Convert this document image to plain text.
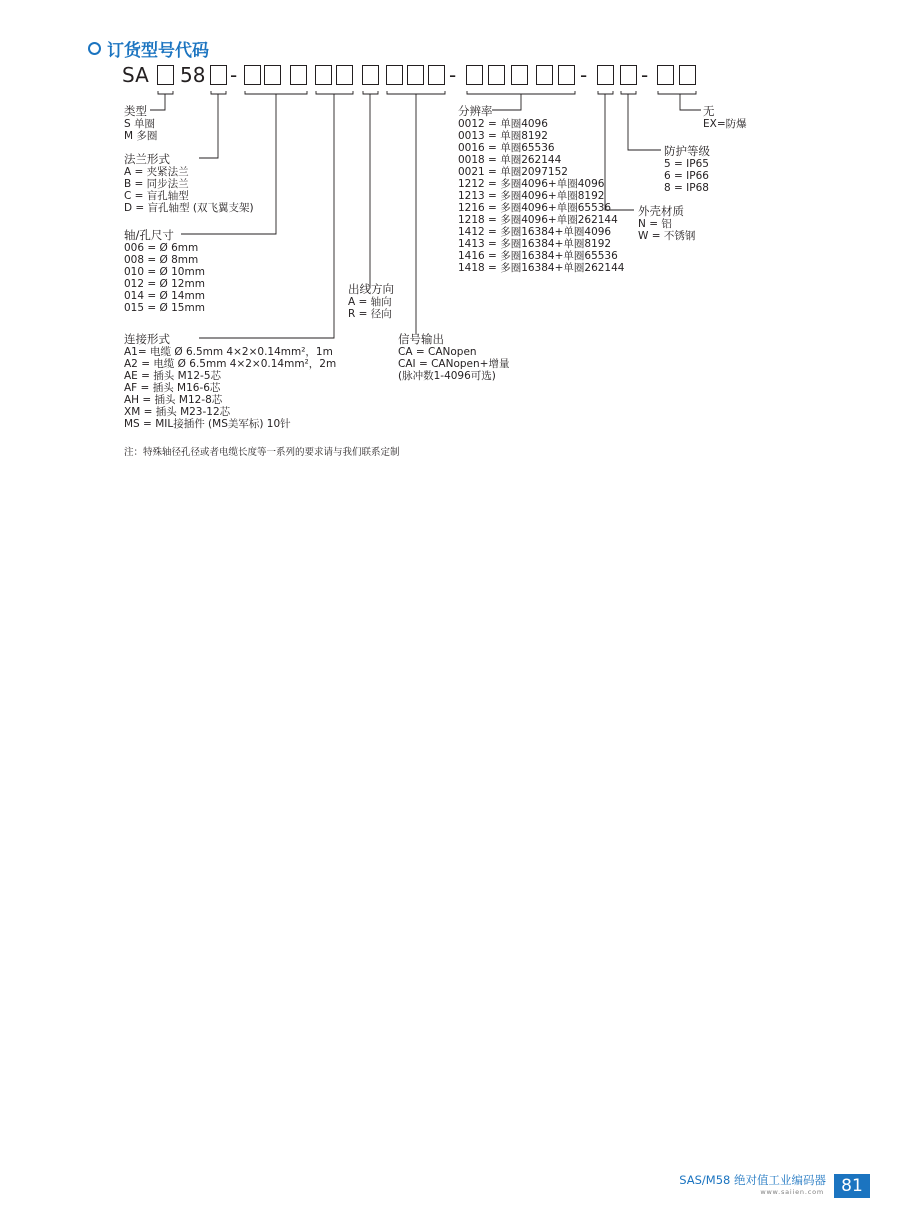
订货型号代码
SA 58 -	-	-	-
类型
S 单圈
M 多圈
法兰形式
A = 夹紧法兰
B = 同步法兰
C = 盲孔轴型
D = 盲孔轴型 (双飞翼支架)
轴/孔尺寸
006 = Ø 6mm
008 = Ø 8mm
010 = Ø 10mm
012 = Ø 12mm
014 = Ø 14mm
015 = Ø 15mm
连接形式
A1= 电缆 Ø 6.5mm 4×2×0.14mm²，1m
A2 = 电缆 Ø 6.5mm 4×2×0.14mm²，2m
AE = 插头 M12-5芯
AF = 插头 M16-6芯
AH = 插头 M12-8芯
XM = 插头 M23-12芯
MS = MIL接插件 (MS美军标) 10针
出线方向
A = 轴向
R = 径向
信号输出
CA = CANopen
CAI = CANopen+增量
(脉冲数1-4096可选)
分辨率
0012 = 单圈4096
0013 = 单圈8192
0016 = 单圈65536
0018 = 单圈262144
0021 = 单圈2097152
1212 = 多圈4096+单圈4096
1213 = 多圈4096+单圈8192
1216 = 多圈4096+单圈65536
1218 = 多圈4096+单圈262144
1412 = 多圈16384+单圈4096
1413 = 多圈16384+单圈8192
1416 = 多圈16384+单圈65536
1418 = 多圈16384+单圈262144
外壳材质
N = 铝
W = 不锈钢
防护等级
5 = IP65
6 = IP66
8 = IP68
无
EX=防爆
注：特殊轴径孔径或者电缆长度等一系列的要求请与我们联系定制
SAS/M58 绝对值工业编码器
www.saiien.com	81
